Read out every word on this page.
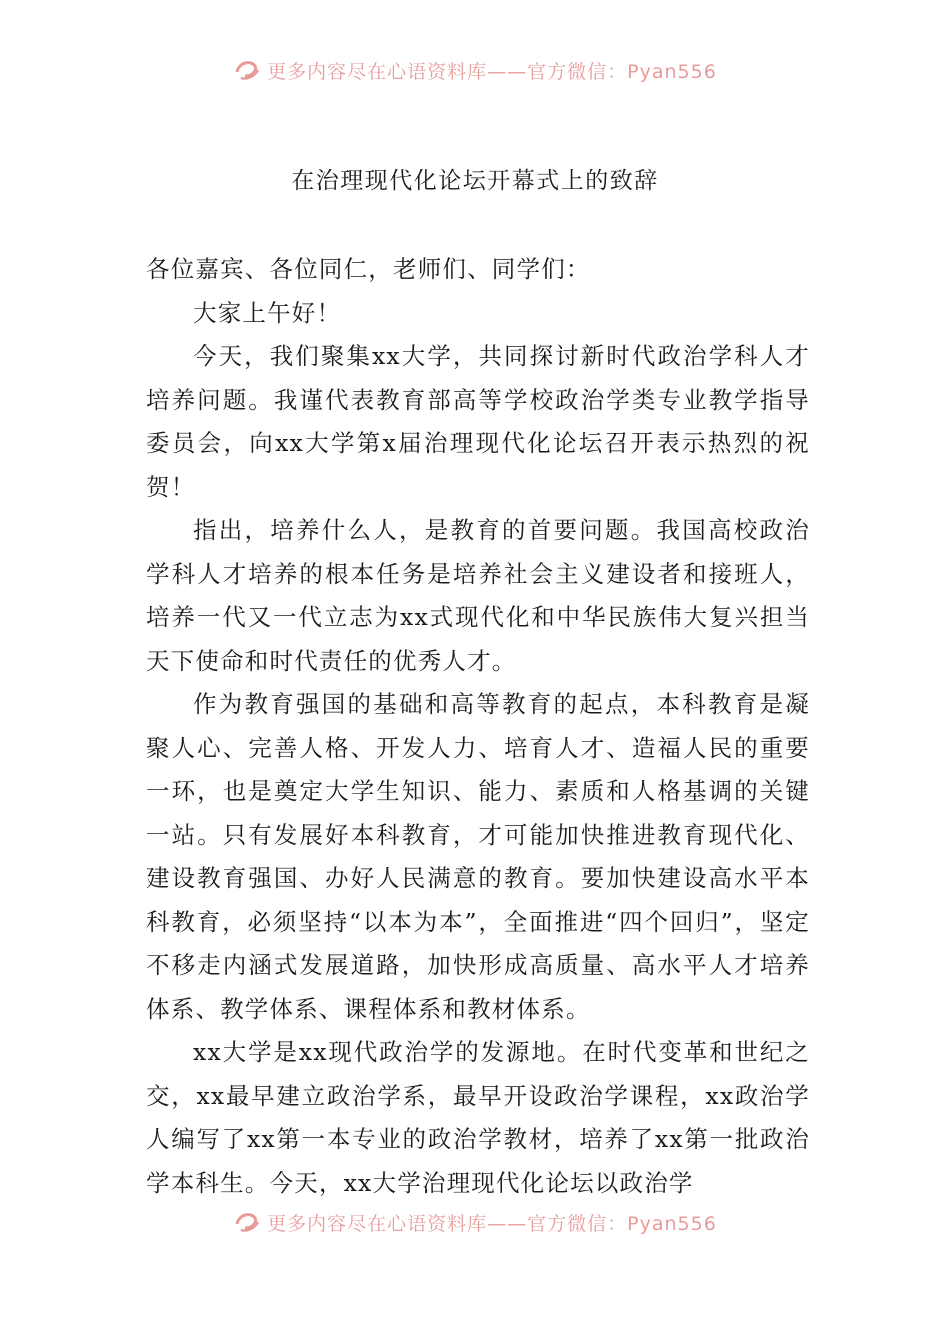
更多内容尽在心语资料库——官方微信：Pyan556
在治理现代化论坛开幕式上的致辞

各位嘉宾、各位同仁，老师们、同学们：

大家上午好！

今天，我们聚集xx大学，共同探讨新时代政治学科人才培养问题。我谨代表教育部高等学校政治学类专业教学指导委员会，向xx大学第x届治理现代化论坛召开表示热烈的祝贺！

指出，培养什么人，是教育的首要问题。我国高校政治学科人才培养的根本任务是培养社会主义建设者和接班人，培养一代又一代立志为xx式现代化和中华民族伟大复兴担当天下使命和时代责任的优秀人才。

作为教育强国的基础和高等教育的起点，本科教育是凝聚人心、完善人格、开发人力、培育人才、造福人民的重要一环，也是奠定大学生知识、能力、素质和人格基调的关键一站。只有发展好本科教育，才可能加快推进教育现代化、建设教育强国、办好人民满意的教育。要加快建设高水平本科教育，必须坚持“以本为本”，全面推进“四个回归”，坚定不移走内涵式发展道路，加快形成高质量、高水平人才培养体系、教学体系、课程体系和教材体系。

xx大学是xx现代政治学的发源地。在时代变革和世纪之交，xx最早建立政治学系，最早开设政治学课程，xx政治学人编写了xx第一本专业的政治学教材，培养了xx第一批政治学本科生。今天，xx大学治理现代化论坛以政治学

更多内容尽在心语资料库——官方微信：Pyan556
